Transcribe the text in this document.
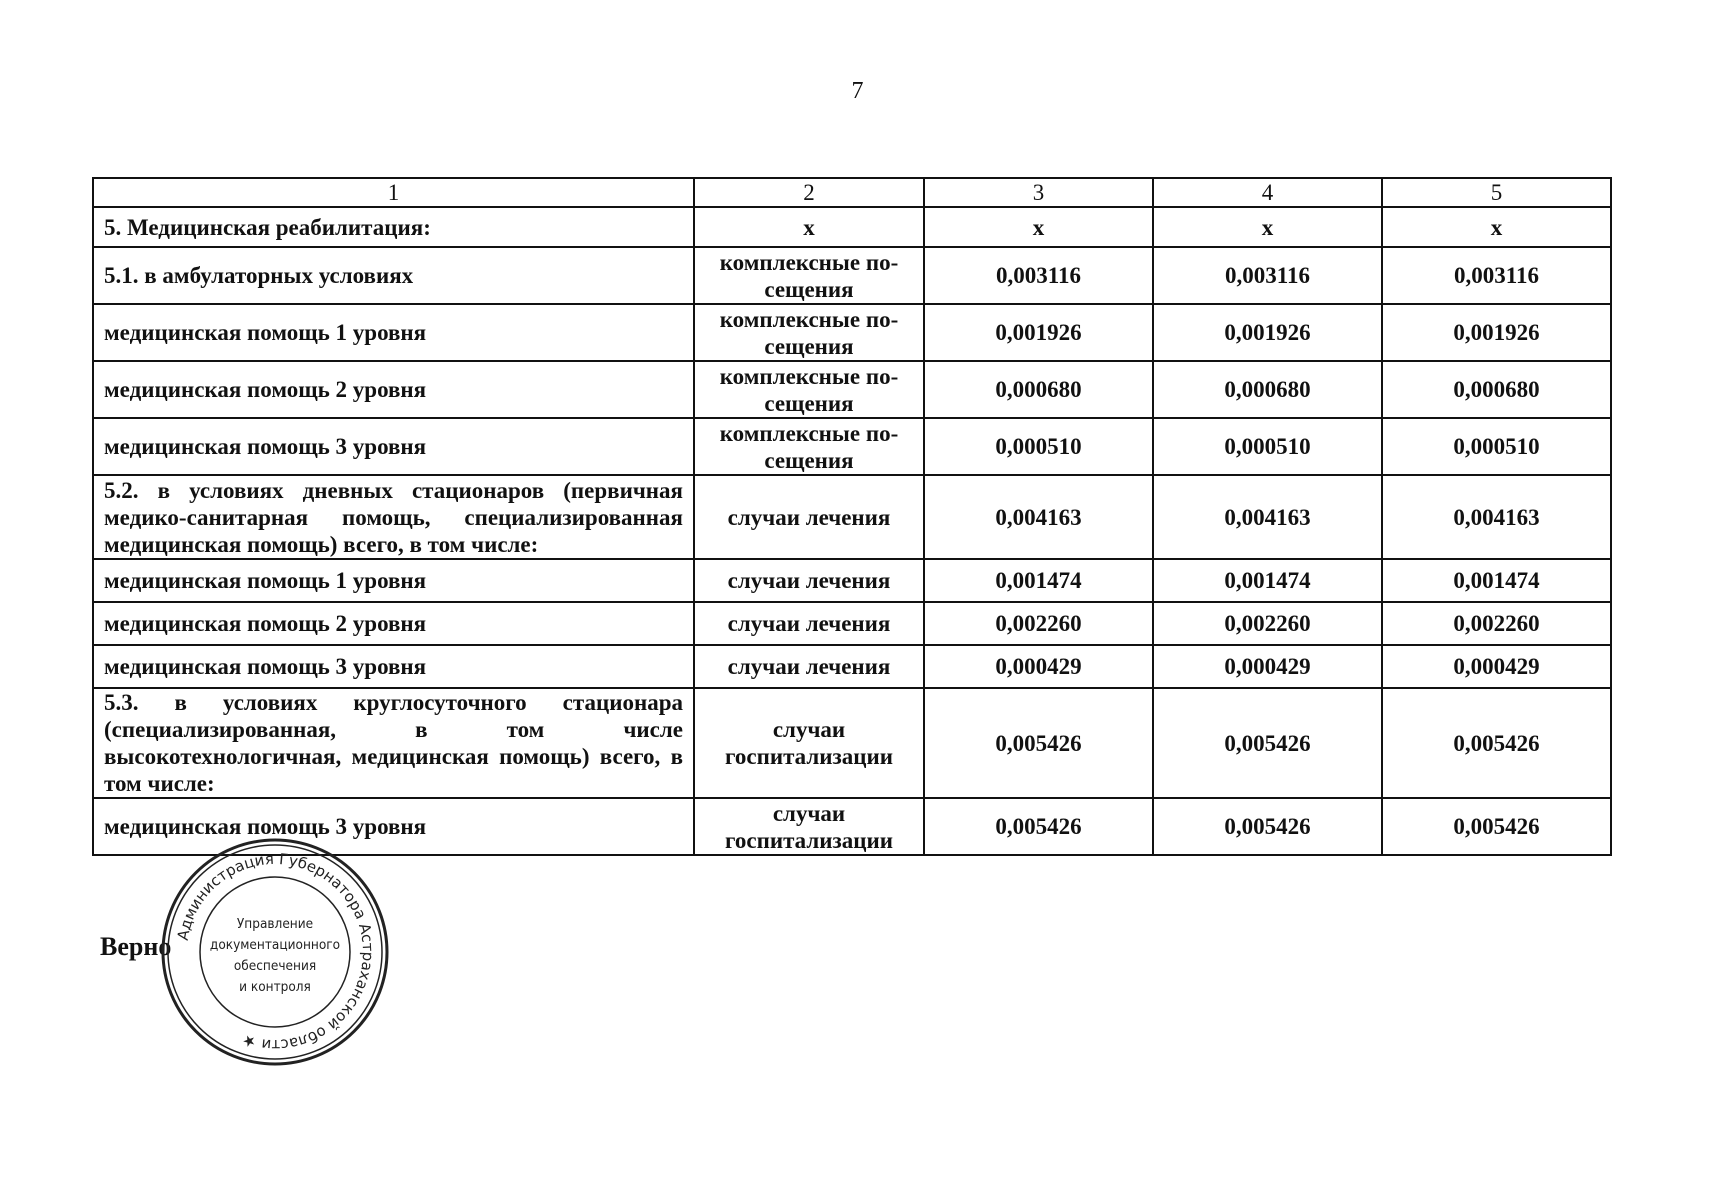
7
1	2	3	4	5
5. Медицинская реабилитация:	x	x	x	x
5.1. в амбулаторных условиях	комплексные по-сещения	0,003116	0,003116	0,003116
медицинская помощь 1 уровня	комплексные по-сещения	0,001926	0,001926	0,001926
медицинская помощь 2 уровня	комплексные по-сещения	0,000680	0,000680	0,000680
медицинская помощь 3 уровня	комплексные по-сещения	0,000510	0,000510	0,000510
5.2. в условиях дневных стационаров (первичная медико-санитарная помощь, специализированная медицинская помощь) всего, в том числе:	случаи лечения	0,004163	0,004163	0,004163
медицинская помощь 1 уровня	случаи лечения	0,001474	0,001474	0,001474
медицинская помощь 2 уровня	случаи лечения	0,002260	0,002260	0,002260
медицинская помощь 3 уровня	случаи лечения	0,000429	0,000429	0,000429
5.3. в условиях круглосуточного стационара (специализированная, в том числе высокотехнологичная, медицинская помощь) всего, в том числе:	случаи госпитализации	0,005426	0,005426	0,005426
медицинская помощь 3 уровня	случаи госпитализации	0,005426	0,005426	0,005426
Верно Администрация Губернатора Астраханской области ★
Управление
документационного
обеспечения
и контроля
